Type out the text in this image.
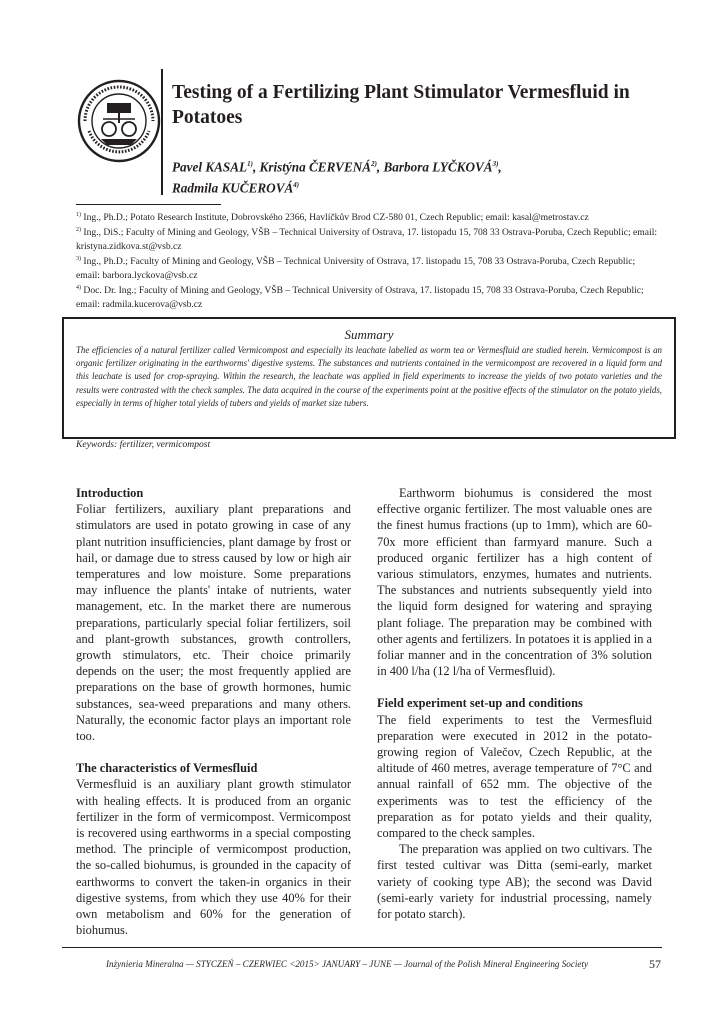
Testing of a Fertilizing Plant Stimulator Vermesfluid in Potatoes
Pavel KASAL$^{1)}$, Kristýna ČERVENÁ$^{2)}$, Barbora LYČKOVÁ$^{3)}$,
Radmila KUČEROVÁ$^{4)}$

$^{1)}$ Ing., Ph.D.; Potato Research Institute, Dobrovského 2366, Havlíčkův Brod CZ-580 01, Czech Republic; email: kasal@metrostav.cz

$^{2)}$ Ing., DiS.; Faculty of Mining and Geology, VŠB – Technical University of Ostrava, 17. listopadu 15, 708 33 Ostrava-Poruba, Czech Republic; email: kristyna.zidkova.st@vsb.cz

$^{3)}$ Ing., Ph.D.; Faculty of Mining and Geology, VŠB – Technical University of Ostrava, 17. listopadu 15, 708 33 Ostrava-Poruba, Czech Republic; email: barbora.lyckova@vsb.cz

$^{4)}$ Doc. Dr. Ing.; Faculty of Mining and Geology, VŠB – Technical University of Ostrava, 17. listopadu 15, 708 33 Ostrava-Poruba, Czech Republic; email: radmila.kucerova@vsb.cz

Summary

The efficiencies of a natural fertilizer called Vermicompost and especially its leachate labelled as worm tea or Vermesfluid are studied herein. Vermicompost is an organic fertilizer originating in the earthworms' digestive systems. The substances and nutrients contained in the vermicompost are recovered in a liquid form and this leachate is used for crop-spraying. Within the research, the leachate was applied in field experiments to increase the yields of two potato varieties and the results were contrasted with the check samples. The data acquired in the course of the experiments point at the positive effects of the stimulator on the potato yields, especially in terms of higher total yields of tubers and yields of market size tubers.

Keywords: fertilizer, vermicompost
Introduction

Foliar fertilizers, auxiliary plant preparations and stimulators are used in potato growing in case of any plant nutrition insufficiencies, plant damage by frost or hail, or damage due to stress caused by low or high air temperatures and low moisture. Some preparations may influence the plants' intake of nutrients, water management, etc. In the market there are numerous preparations, particularly special foliar fertilizers, soil and plant-growth substances, growth controllers, growth stimulators, etc. Their choice primarily depends on the user; the most frequently applied are preparations on the base of growth hormones, humic substances, sea-weed preparations and many others. Naturally, the economic factor plays an important role too.

The characteristics of Vermesfluid

Vermesfluid is an auxiliary plant growth stimulator with healing effects. It is produced from an organic fertilizer in the form of vermicompost. Vermicompost is recovered using earthworms in a special composting method. The principle of vermicompost production, the so-called biohumus, is grounded in the capacity of earthworms to convert the taken-in organics in their digestive systems, from which they use 40% for their own metabolism and 60% for the generation of biohumus.

Earthworm biohumus is considered the most effective organic fertilizer. The most valuable ones are the finest humus fractions (up to 1mm), which are 60-70x more efficient than farmyard manure. Such a produced organic fertilizer has a high content of various stimulators, enzymes, humates and nutrients. The substances and nutrients subsequently yield into the liquid form designed for watering and spraying plant foliage. The preparation may be combined with other agents and fertilizers. In potatoes it is applied in a foliar manner and in the concentration of 3% solution in 400 l/ha (12 l/ha of Vermesfluid).

Field experiment set-up and conditions

The field experiments to test the Vermesfluid preparation were executed in 2012 in the potato-growing region of Valečov, Czech Republic, at the altitude of 460 metres, average temperature of 7°C and annual rainfall of 652 mm. The objective of the experiments was to test the efficiency of the preparation as for potato yields and their quality, compared to the check samples.

The preparation was applied on two cultivars. The first tested cultivar was Ditta (semi-early, market variety of cooking type AB); the second was David (semi-early variety for industrial processing, namely for potato starch).

Inżynieria Mineralna — STYCZEŃ – CZERWIEC <2015> JANUARY – JUNE — Journal of the Polish Mineral Engineering Society	57
